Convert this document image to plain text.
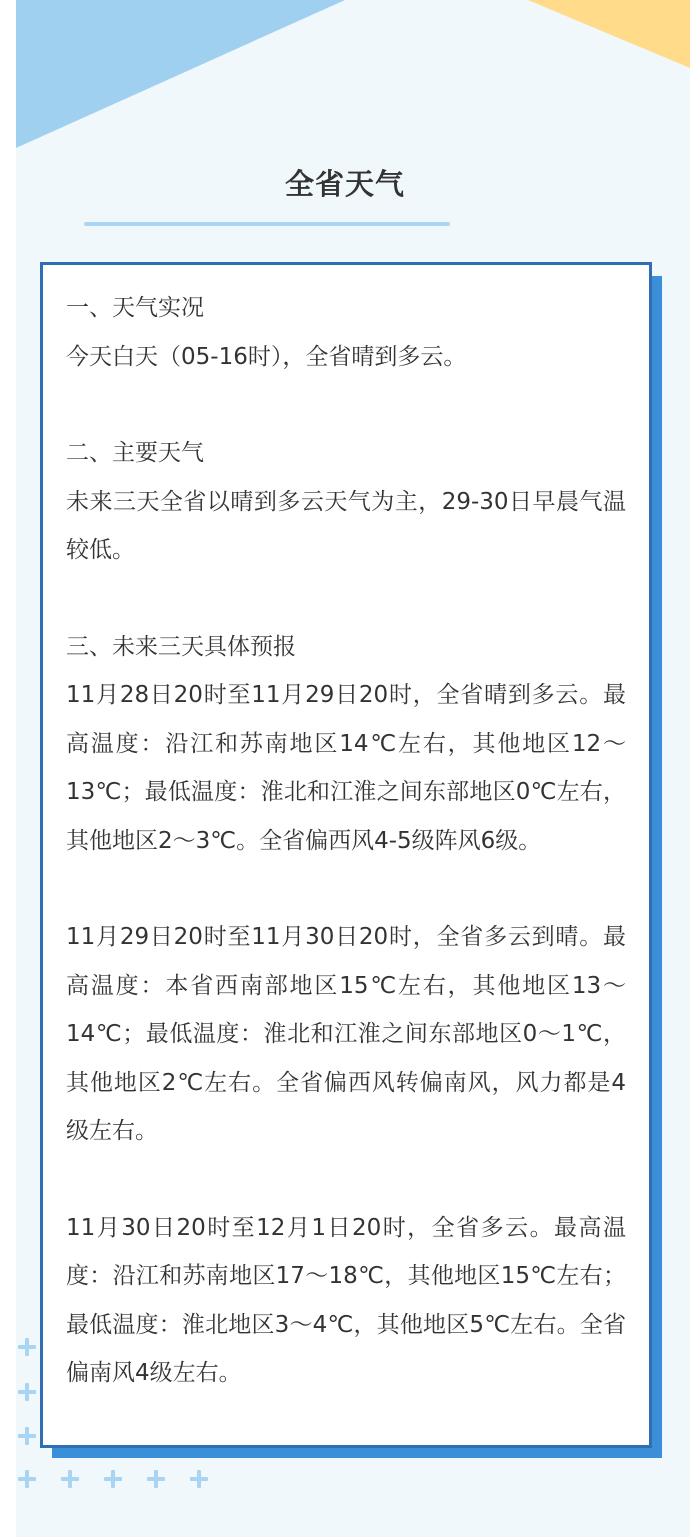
全省天气

一、天气实况

今天白天（05-16时），全省晴到多云。

二、主要天气

未来三天全省以晴到多云天气为主，29-30日早晨气温较低。

三、未来三天具体预报

11月28日20时至11月29日20时，全省晴到多云。最高温度：沿江和苏南地区14℃左右，其他地区12～13℃；最低温度：淮北和江淮之间东部地区0℃左右，其他地区2～3℃。全省偏西风4-5级阵风6级。

11月29日20时至11月30日20时，全省多云到晴。最高温度：本省西南部地区15℃左右，其他地区13～14℃；最低温度：淮北和江淮之间东部地区0～1℃，其他地区2℃左右。全省偏西风转偏南风，风力都是4级左右。

11月30日20时至12月1日20时，全省多云。最高温度：沿江和苏南地区17～18℃，其他地区15℃左右；最低温度：淮北地区3～4℃，其他地区5℃左右。全省偏南风4级左右。
